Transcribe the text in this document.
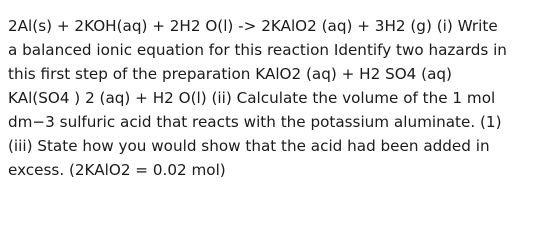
2Al(s) + 2KOH(aq) + 2H2 O(l) -> 2KAlO2 (aq) + 3H2 (g) (i) Write
a balanced ionic equation for this reaction Identify two hazards in
this first step of the preparation KAlO2 (aq) + H2 SO4 (aq)
KAl(SO4 ) 2 (aq) + H2 O(l) (ii) Calculate the volume of the 1 mol
dm−3 sulfuric acid that reacts with the potassium aluminate. (1)
(iii) State how you would show that the acid had been added in
excess. (2KAlO2 = 0.02 mol)
